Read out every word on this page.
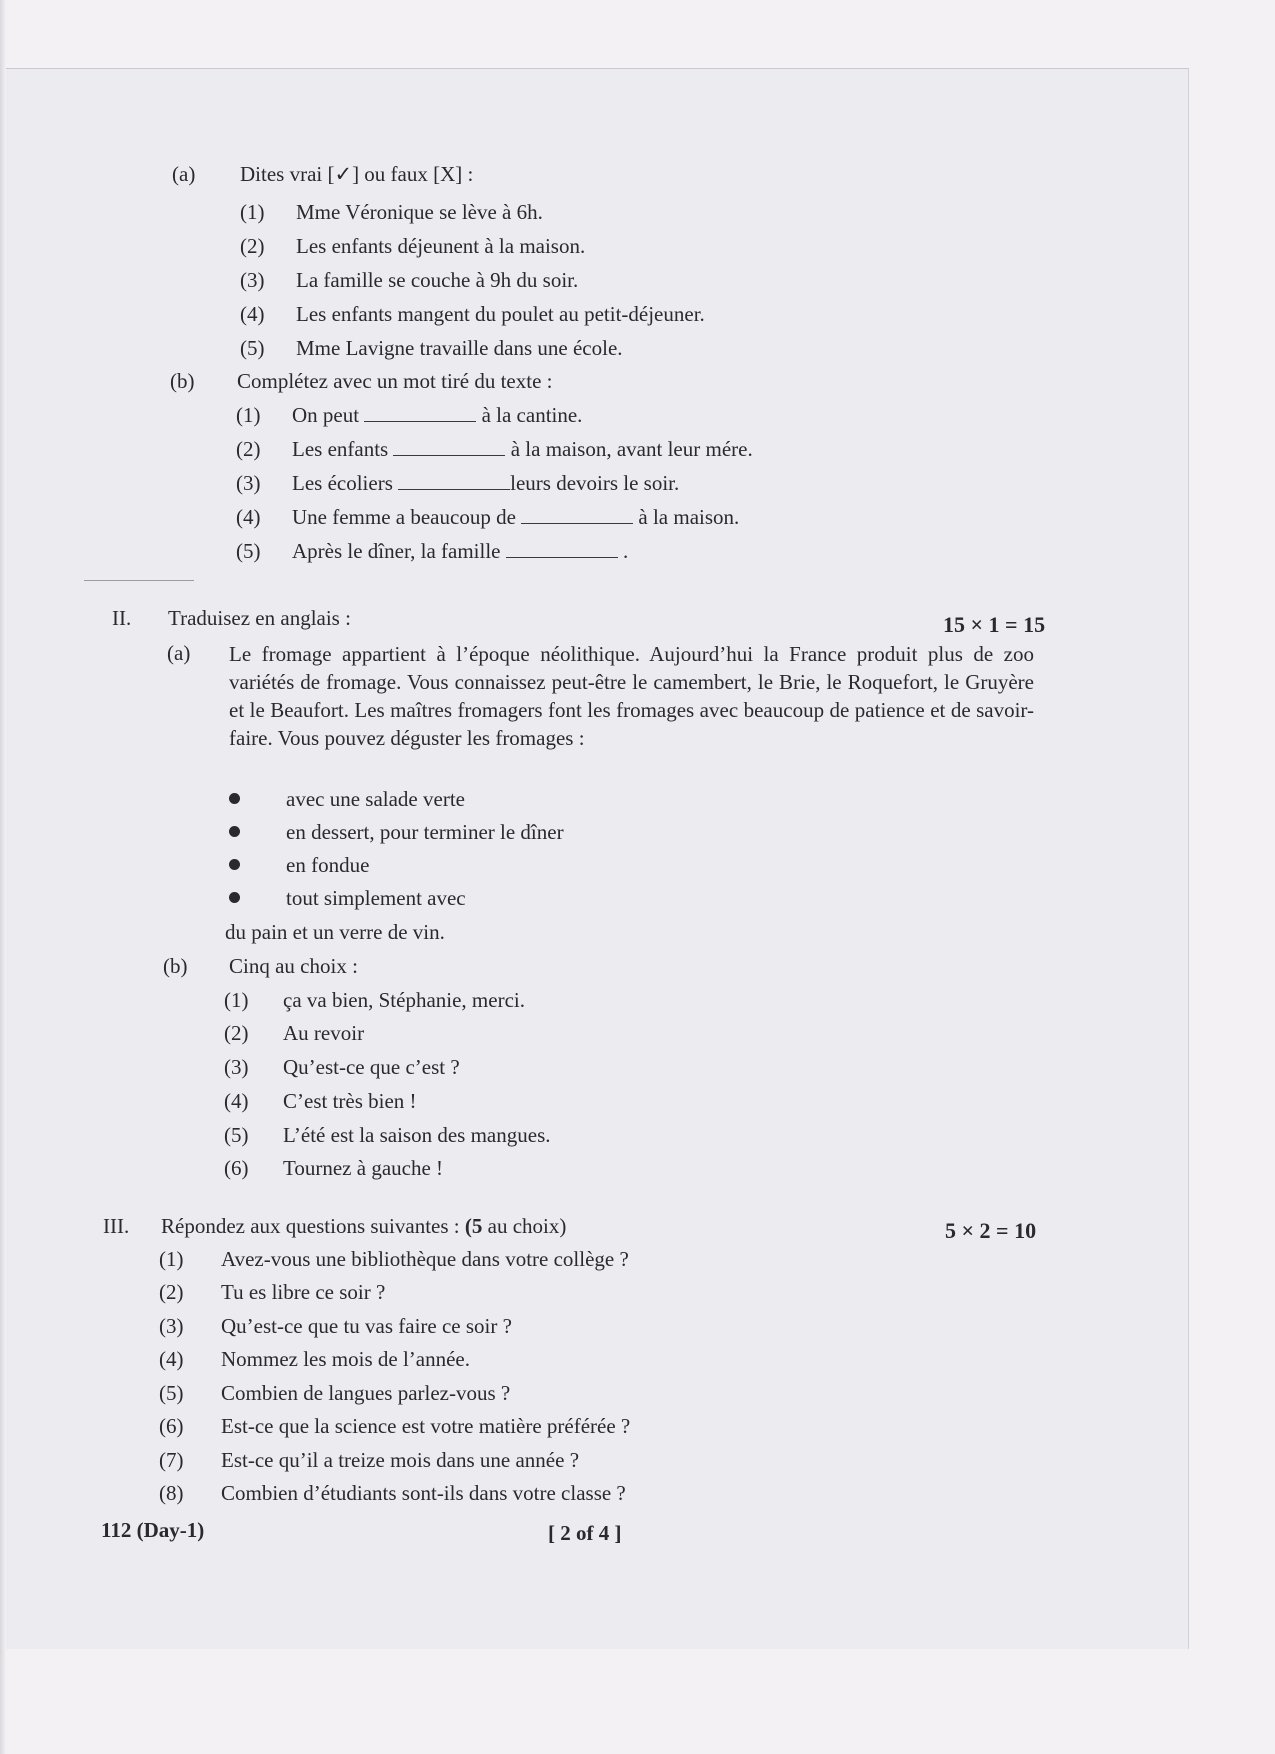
(a) Dites vrai [✓] ou faux [X] :
(1) Mme Véronique se lève à 6h.
(2) Les enfants déjeunent à la maison.
(3) La famille se couche à 9h du soir.
(4) Les enfants mangent du poulet au petit-déjeuner.
(5) Mme Lavigne travaille dans une école.
(b) Complétez avec un mot tiré du texte :
(1) On peut	à la cantine.
(2) Les enfants	à la maison, avant leur mére.
(3) Les écoliers	leurs devoirs le soir.
(4) Une femme a beaucoup de	à la maison.
(5) Après le dîner, la famille	.
II. Traduisez en anglais :	15 × 1 = 15
(a) Le fromage appartient à l’époque néolithique. Aujourd’hui la France produit plus de zoo variétés de fromage. Vous connaissez peut-être le camembert, le Brie, le Roquefort, le Gruyère et le Beaufort. Les maîtres fromagers font les fromages avec beaucoup de patience et de savoir-faire. Vous pouvez déguster les fromages :
avec une salade verte
en dessert, pour terminer le dîner
en fondue
tout simplement avec
du pain et un verre de vin.
(b) Cinq au choix :
(1) ça va bien, Stéphanie, merci.
(2) Au revoir
(3) Qu’est-ce que c’est ?
(4) C’est très bien !
(5) L’été est la saison des mangues.
(6) Tournez à gauche !
III. Répondez aux questions suivantes : (5 au choix)	5 × 2 = 10
(1) Avez-vous une bibliothèque dans votre collège ?
(2) Tu es libre ce soir ?
(3) Qu’est-ce que tu vas faire ce soir ?
(4) Nommez les mois de l’année.
(5) Combien de langues parlez-vous ?
(6) Est-ce que la science est votre matière préférée ?
(7) Est-ce qu’il a treize mois dans une année ?
(8) Combien d’étudiants sont-ils dans votre classe ?
112 (Day-1)	[ 2 of 4 ]
